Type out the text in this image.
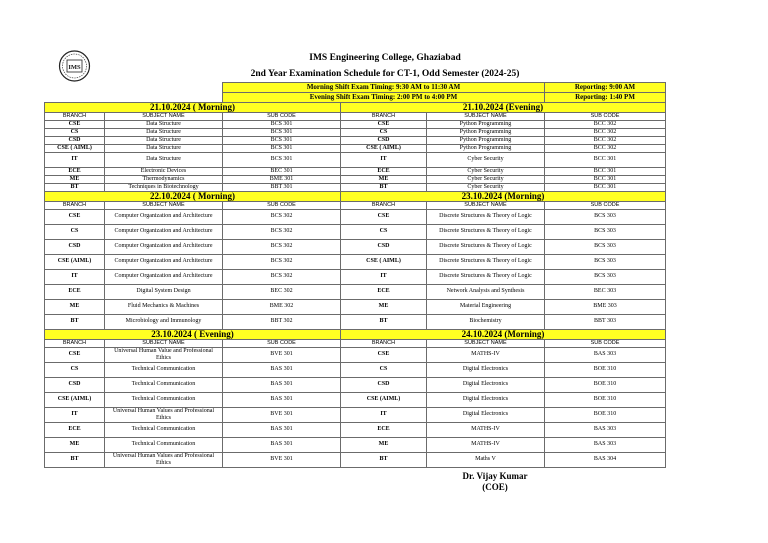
IMS	IMS Engineering College, Ghaziabad				
	2nd Year Examination Schedule for CT-1, Odd Semester (2024-25)				
		Morning Shift Exam Timing: 9:30 AM to 11:30 AM			Reporting: 9:00 AM
		Evening Shift Exam Timing: 2:00 PM to 4:00 PM			Reporting: 1:40 PM
21.10.2024 ( Morning)			21.10.2024 (Evening)		
BRANCH	SUBJECT NAME	SUB CODE	BRANCH	SUBJECT NAME	SUB CODE
CSE	Data Structure	BCS 301	CSE	Python Programming	BCC 302
CS	Data Structure	BCS 301	CS	Python Programming	BCC 302
CSD	Data Structure	BCS 301	CSD	Python Programming	BCC 302
CSE ( AIML)	Data Structure	BCS 301	CSE ( AIML)	Python Programming	BCC 302
IT	Data Structure	BCS 301	IT	Cyber Security	BCC 301
ECE	Electronic Devices	BEC 301	ECE	Cyber Security	BCC 301
ME	Thermodynamics	BME 301	ME	Cyber Security	BCC 301
BT	Techniques in Biotechnology	BBT 301	BT	Cyber Security	BCC 301
22.10.2024 ( Morning)			23.10.2024 (Morning)		
BRANCH	SUBJECT NAME	SUB CODE	BRANCH	SUBJECT NAME	SUB CODE
CSE	Computer Organization and Architecture	BCS 302	CSE	Discrete Structures & Theory of Logic	BCS 303
CS	Computer Organization and Architecture	BCS 302	CS	Discrete Structures & Theory of Logic	BCS 303
CSD	Computer Organization and Architecture	BCS 302	CSD	Discrete Structures & Theory of Logic	BCS 303
CSE (AIML)	Computer Organization and Architecture	BCS 302	CSE ( AIML)	Discrete Structures & Theory of Logic	BCS 303
IT	Computer Organization and Architecture	BCS 302	IT	Discrete Structures & Theory of Logic	BCS 303
ECE	Digital System Design	BEC 302	ECE	Network Analysis and Synthesis	BEC 303
ME	Fluid Mechanics & Machines	BME 302	ME	Material Engineering	BME 303
BT	Microbiology and Immunology	BBT 302	BT	Biochemistry	BBT 303
23.10.2024 ( Evening)			24.10.2024 (Morning)		
BRANCH	SUBJECT NAME	SUB CODE	BRANCH	SUBJECT NAME	SUB CODE
CSE	Universal Human Value and Professional Ethics	BVE 301	CSE	MATHS-IV	BAS 303
CS	Technical Communication	BAS 301	CS	Digital Electronics	BOE 310
CSD	Technical Communication	BAS 301	CSD	Digital Electronics	BOE 310
CSE (AIML)	Technical Communication	BAS 301	CSE (AIML)	Digital Electronics	BOE 310
IT	Universal Human Values and Professional Ethics	BVE 301	IT	Digital Electronics	BOE 310
ECE	Technical Communication	BAS 301	ECE	MATHS-IV	BAS 303
ME	Technical Communication	BAS 301	ME	MATHS-IV	BAS 303
BT	Universal Human Values and Professional Ethics	BVE 301	BT	Maths V	BAS 304
Dr. Vijay Kumar
(COE)
